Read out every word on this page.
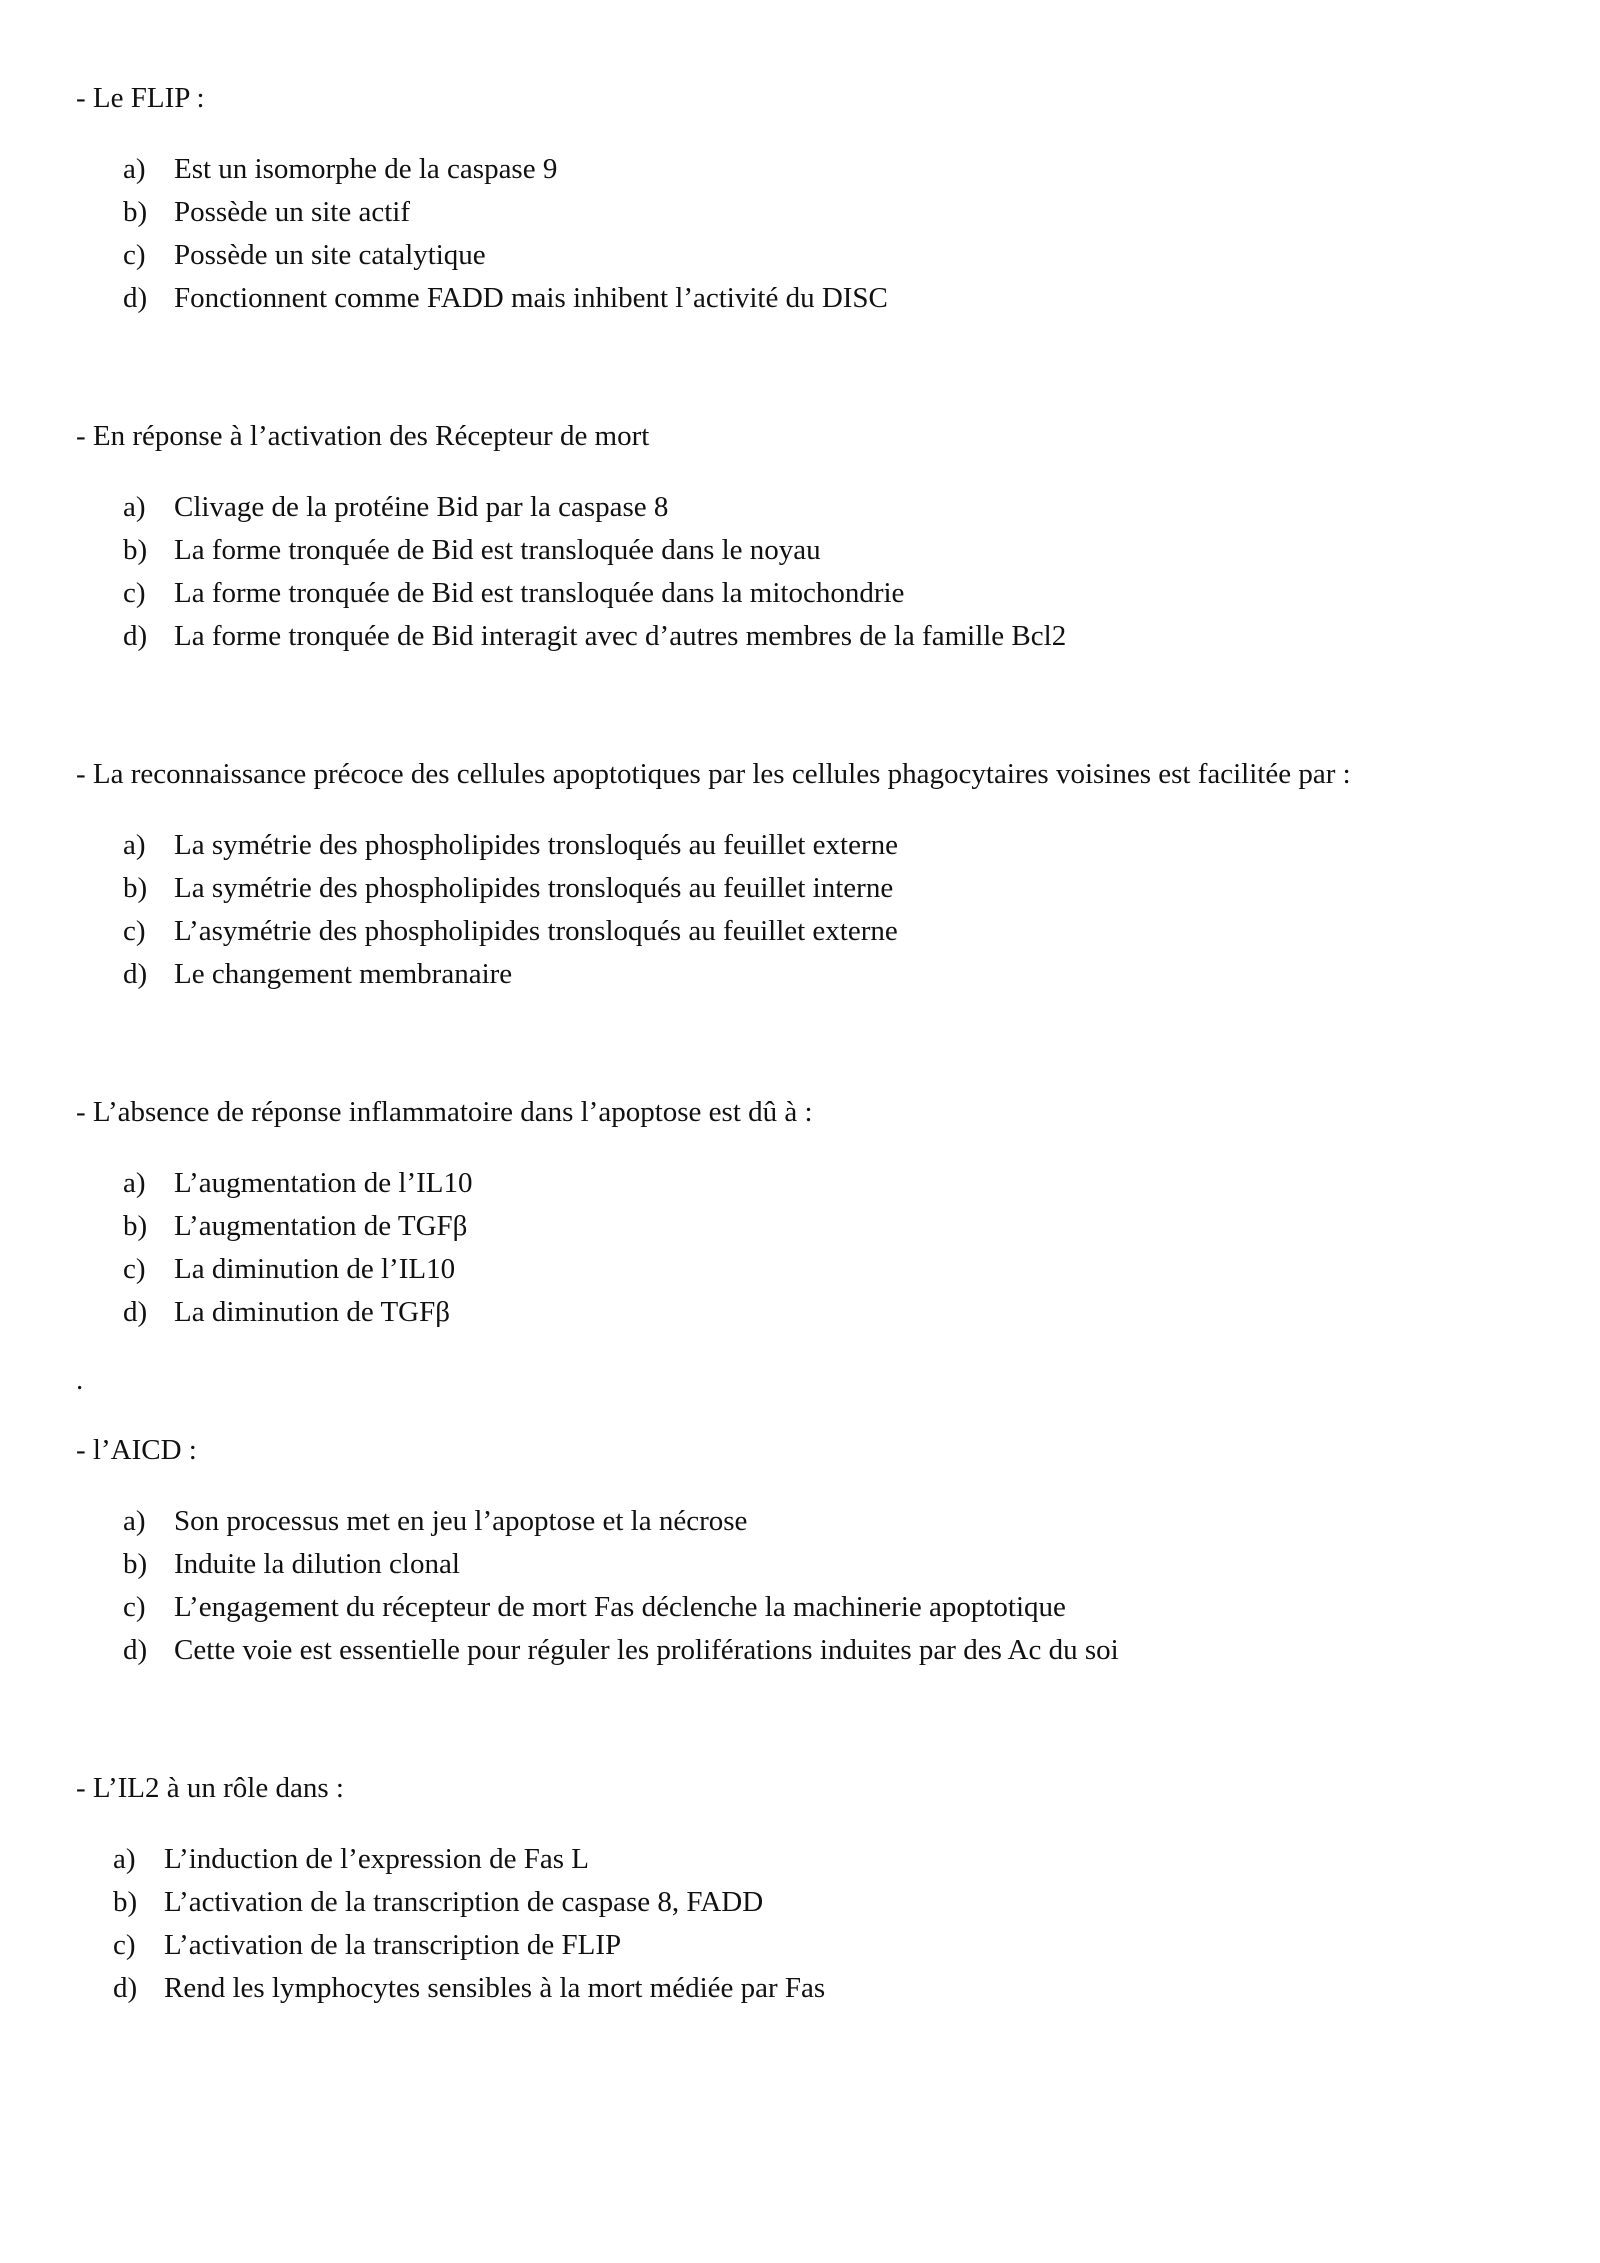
- Le FLIP :

a) Est un isomorphe de la caspase 9
b) Possède un site actif
c) Possède un site catalytique
d) Fonctionnent comme FADD mais inhibent l’activité du DISC

- En réponse à l’activation des Récepteur de mort

a) Clivage de la protéine Bid par la caspase 8
b) La forme tronquée de Bid est transloquée dans le noyau
c) La forme tronquée de Bid est transloquée dans la mitochondrie
d) La forme tronquée de Bid interagit avec d’autres membres de la famille Bcl2

- La reconnaissance précoce des cellules apoptotiques par les cellules phagocytaires voisines est facilitée par :

a) La symétrie des phospholipides tronsloqués au feuillet externe
b) La symétrie des phospholipides tronsloqués au feuillet interne
c) L’asymétrie des phospholipides tronsloqués au feuillet externe
d) Le changement membranaire

- L’absence de réponse inflammatoire dans l’apoptose est dû à :

a) L’augmentation de l’IL10
b) L’augmentation de TGFβ
c) La diminution de l’IL10
d) La diminution de TGFβ
.

- l’AICD :

a) Son processus met en jeu l’apoptose et la nécrose
b) Induite la dilution clonal
c) L’engagement du récepteur de mort Fas déclenche la machinerie apoptotique
d) Cette voie est essentielle pour réguler les proliférations induites par des Ac du soi

- L’IL2 à un rôle dans :

a) L’induction de l’expression de Fas L
b) L’activation de la transcription de caspase 8, FADD
c) L’activation de la transcription de FLIP
d) Rend les lymphocytes sensibles à la mort médiée par Fas
